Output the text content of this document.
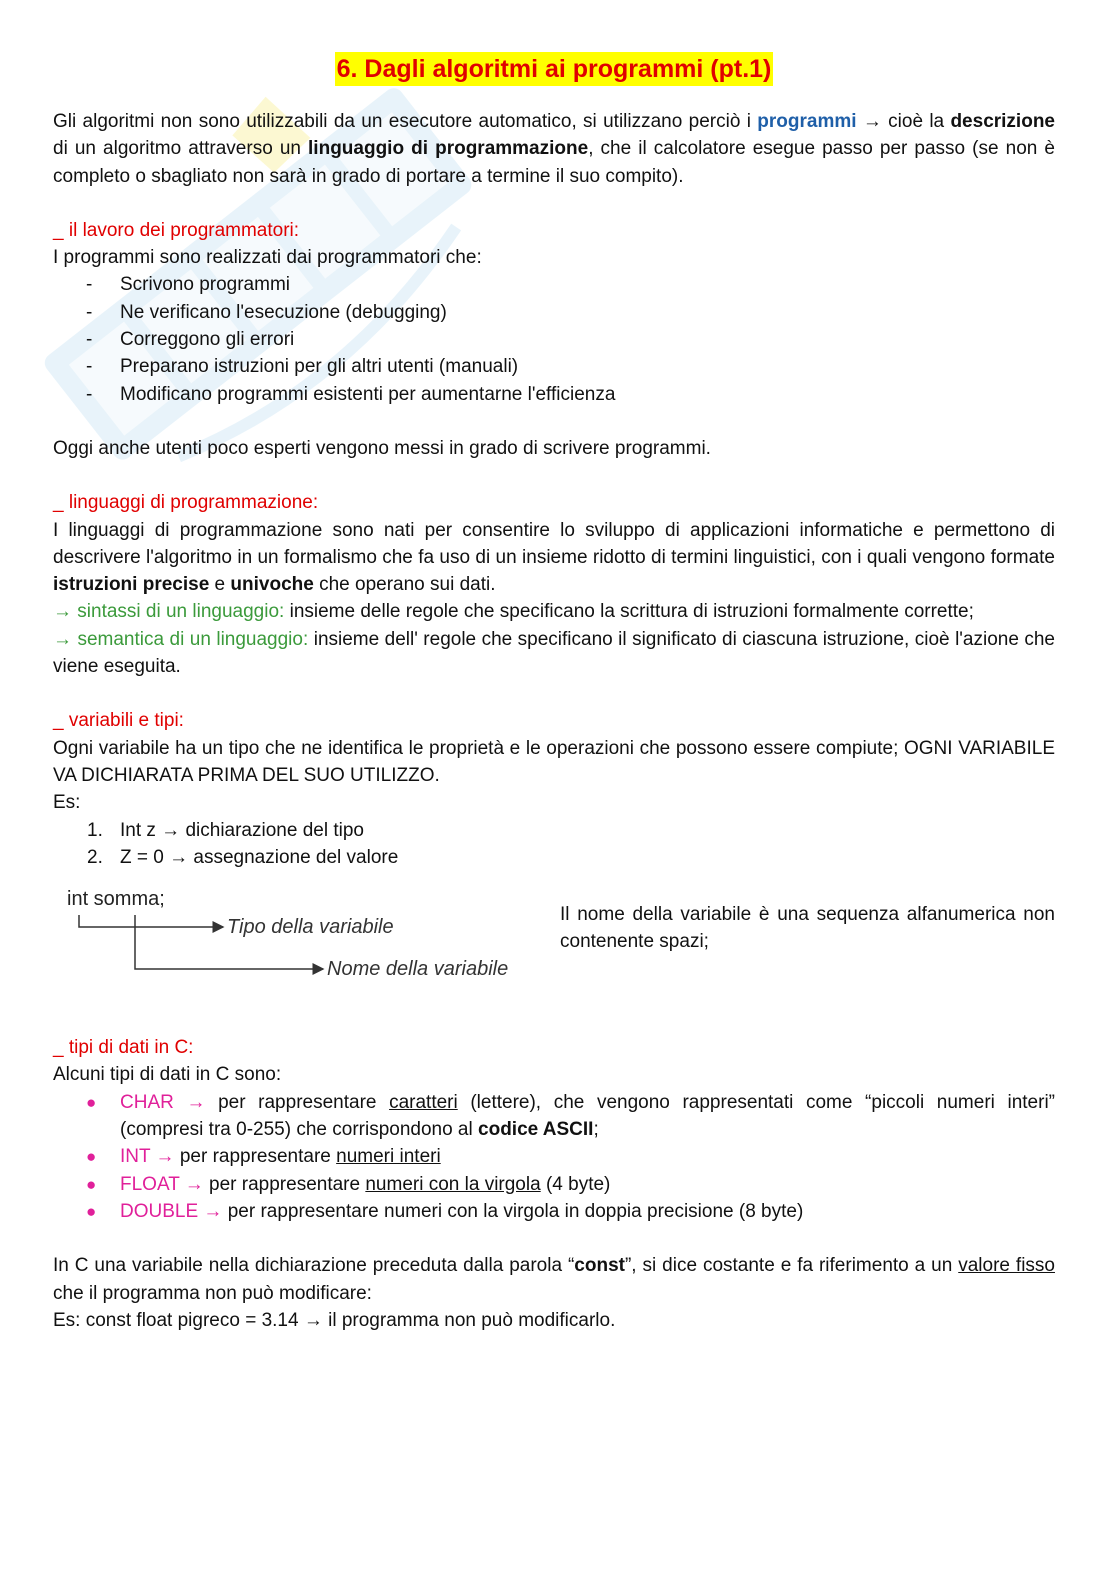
6. Dagli algoritmi ai programmi (pt.1)

Gli algoritmi non sono utilizzabili da un esecutore automatico, si utilizzano perciò i programmi → cioè la descrizione di un algoritmo attraverso un linguaggio di programmazione, che il calcolatore esegue passo per passo (se non è completo o sbagliato non sarà in grado di portare a termine il suo compito).

_ il lavoro dei programmatori:

I programmi sono realizzati dai programmatori che:

- Scrivono programmi
- Ne verificano l'esecuzione (debugging)
- Correggono gli errori
- Preparano istruzioni per gli altri utenti (manuali)
- Modificano programmi esistenti per aumentarne l'efficienza

Oggi anche utenti poco esperti vengono messi in grado di scrivere programmi.

_ linguaggi di programmazione:

I linguaggi di programmazione sono nati per consentire lo sviluppo di applicazioni informatiche e permettono di descrivere l'algoritmo in un formalismo che fa uso di un insieme ridotto di termini linguistici, con i quali vengono formate istruzioni precise e univoche che operano sui dati.

→ sintassi di un linguaggio: insieme delle regole che specificano la scrittura di istruzioni formalmente corrette;

→ semantica di un linguaggio: insieme dell' regole che specificano il significato di ciascuna istruzione, cioè l'azione che viene eseguita.

_ variabili e tipi:

Ogni variabile ha un tipo che ne identifica le proprietà e le operazioni che possono essere compiute; OGNI VARIABILE VA DICHIARATA PRIMA DEL SUO UTILIZZO.

Es:

1. Int z → dichiarazione del tipo
2. Z = 0 → assegnazione del valore
int somma;
Tipo della variabile
Nome della variabile

Il nome della variabile è una sequenza alfanumerica non contenente spazi;

_ tipi di dati in C:

Alcuni tipi di dati in C sono:

● CHAR → per rappresentare caratteri (lettere), che vengono rappresentati come “piccoli numeri interi” (compresi tra 0-255) che corrispondono al codice ASCII;
● INT → per rappresentare numeri interi
● FLOAT → per rappresentare numeri con la virgola (4 byte)
● DOUBLE → per rappresentare numeri con la virgola in doppia precisione (8 byte)

In C una variabile nella dichiarazione preceduta dalla parola “const”, si dice costante e fa riferimento a un valore fisso che il programma non può modificare:

Es: const float pigreco = 3.14 → il programma non può modificarlo.
